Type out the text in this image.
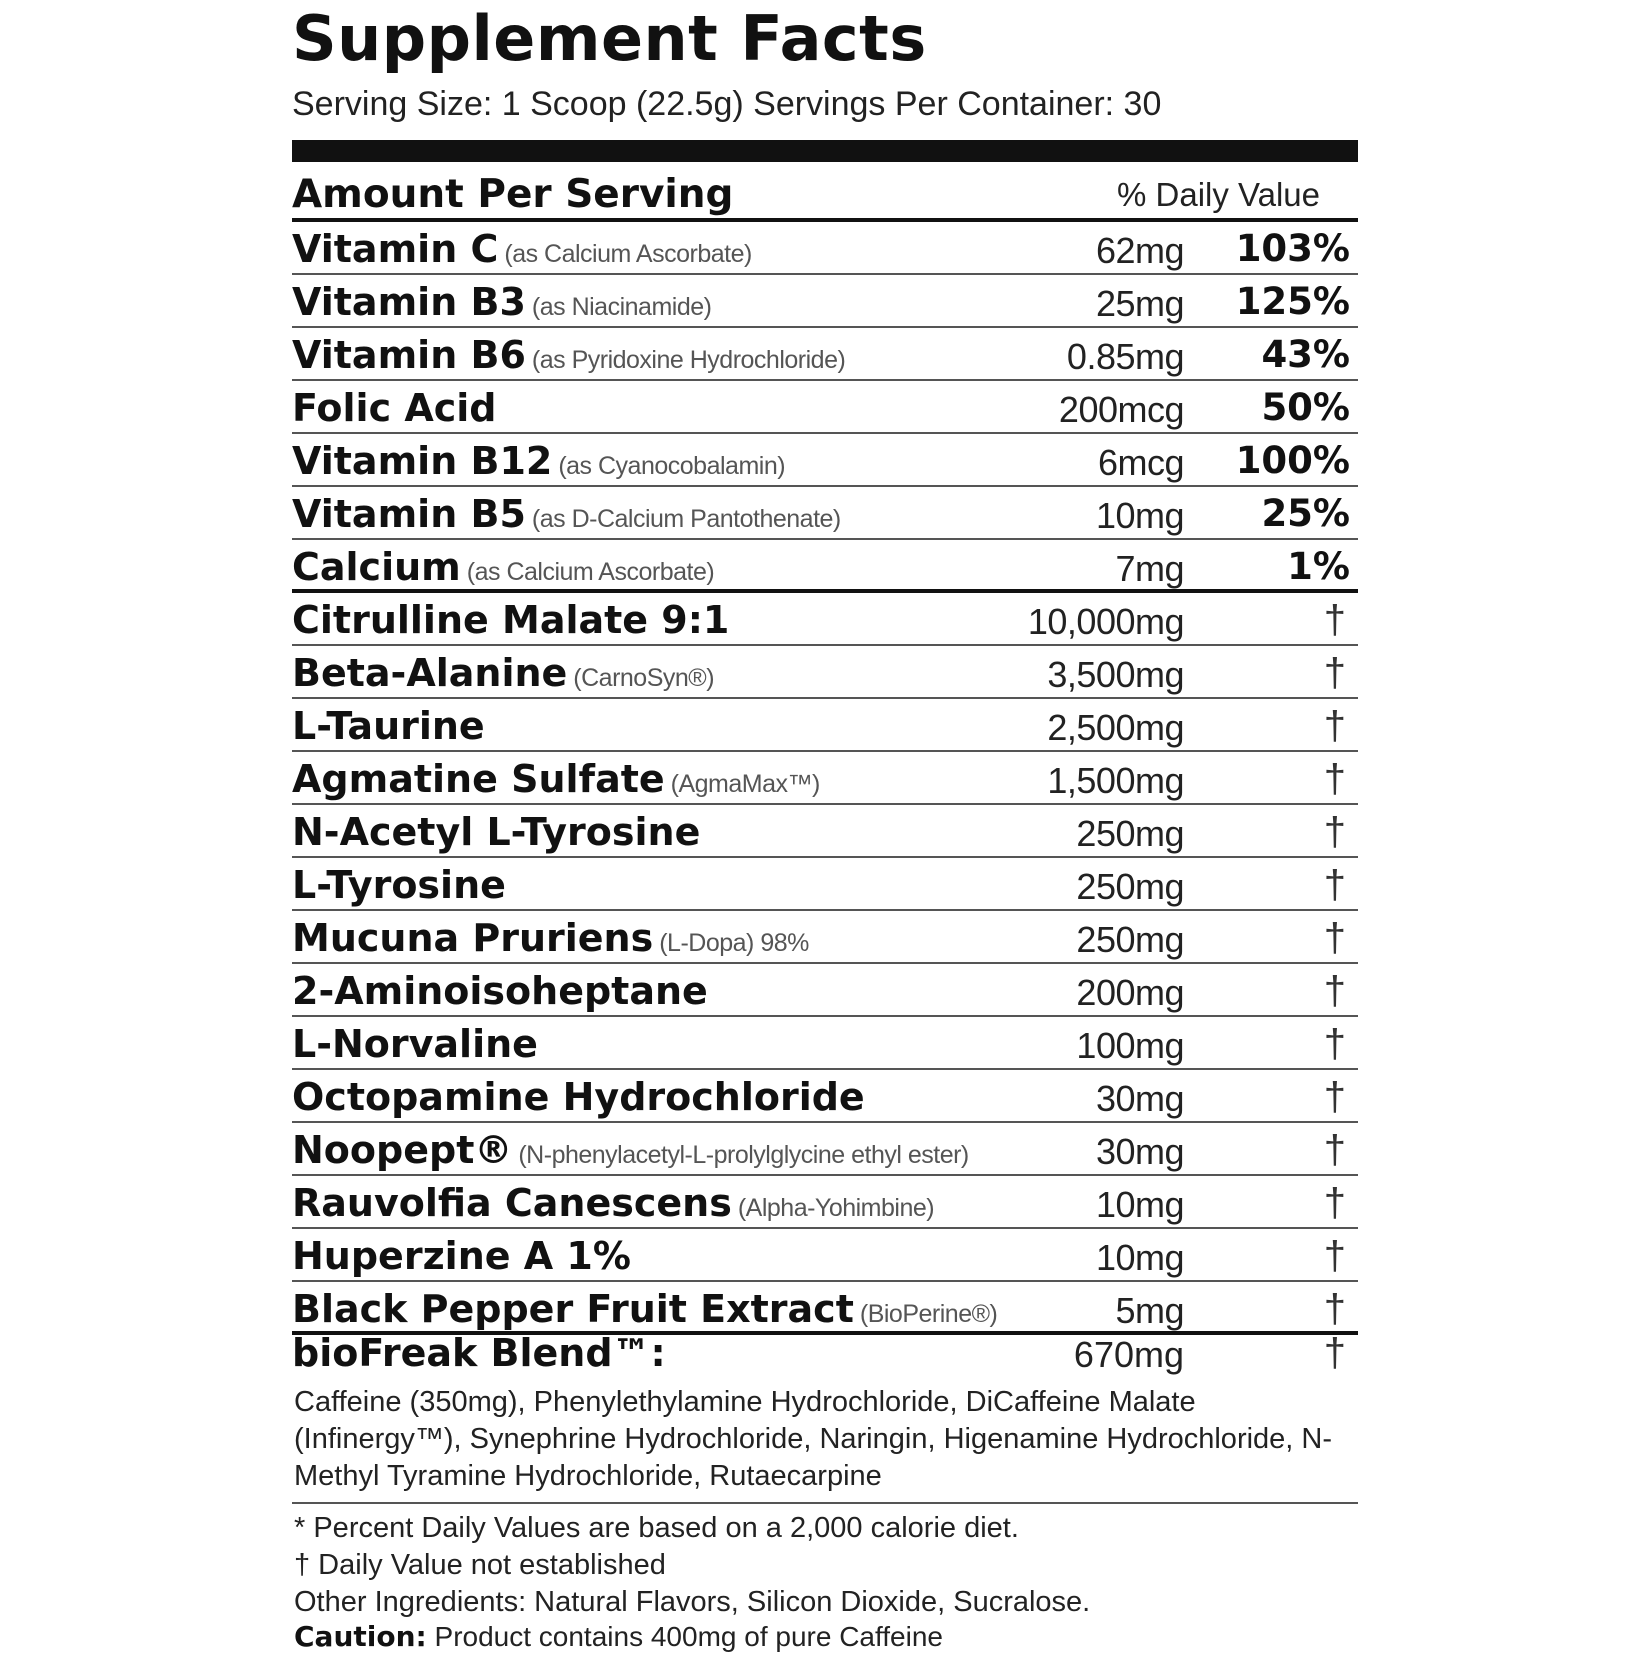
Supplement Facts
Serving Size: 1 Scoop (22.5g) Servings Per Container: 30
Amount Per Serving	% Daily Value
Vitamin C (as Calcium Ascorbate)	62mg 103%
Vitamin B3 (as Niacinamide)	25mg 125%
Vitamin B6 (as Pyridoxine Hydrochloride)	0.85mg 43%
Folic Acid	200mcg 50%
Vitamin B12 (as Cyanocobalamin)	6mcg 100%
Vitamin B5 (as D-Calcium Pantothenate)	10mg 25%
Calcium (as Calcium Ascorbate)	7mg	1%
Citrulline Malate 9:1	10,000mg	†
Beta-Alanine (CarnoSyn®)	3,500mg	†
L-Taurine	2,500mg	†
Agmatine Sulfate (AgmaMax™)	1,500mg	†
N-Acetyl L-Tyrosine	250mg	†
L-Tyrosine	250mg	†
Mucuna Pruriens (L-Dopa) 98%	250mg	†
2-Aminoisoheptane	200mg	†
L-Norvaline	100mg	†
Octopamine Hydrochloride	30mg	†
Noopept® (N-phenylacetyl-L-prolylglycine ethyl ester)	30mg	†
Rauvolfia Canescens (Alpha-Yohimbine)	10mg	†
Huperzine A 1%	10mg	†
Black Pepper Fruit Extract (BioPerine®)	5mg	†
bioFreak Blend™:	670mg	†
Caffeine (350mg), Phenylethylamine Hydrochloride, DiCaffeine Malate (Infinergy™), Synephrine Hydrochloride, Naringin, Higenamine Hydrochloride, N-Methyl Tyramine Hydrochloride, Rutaecarpine
* Percent Daily Values are based on a 2,000 calorie diet.
† Daily Value not established
Other Ingredients: Natural Flavors, Silicon Dioxide, Sucralose.
Caution: Product contains 400mg of pure Caffeine
